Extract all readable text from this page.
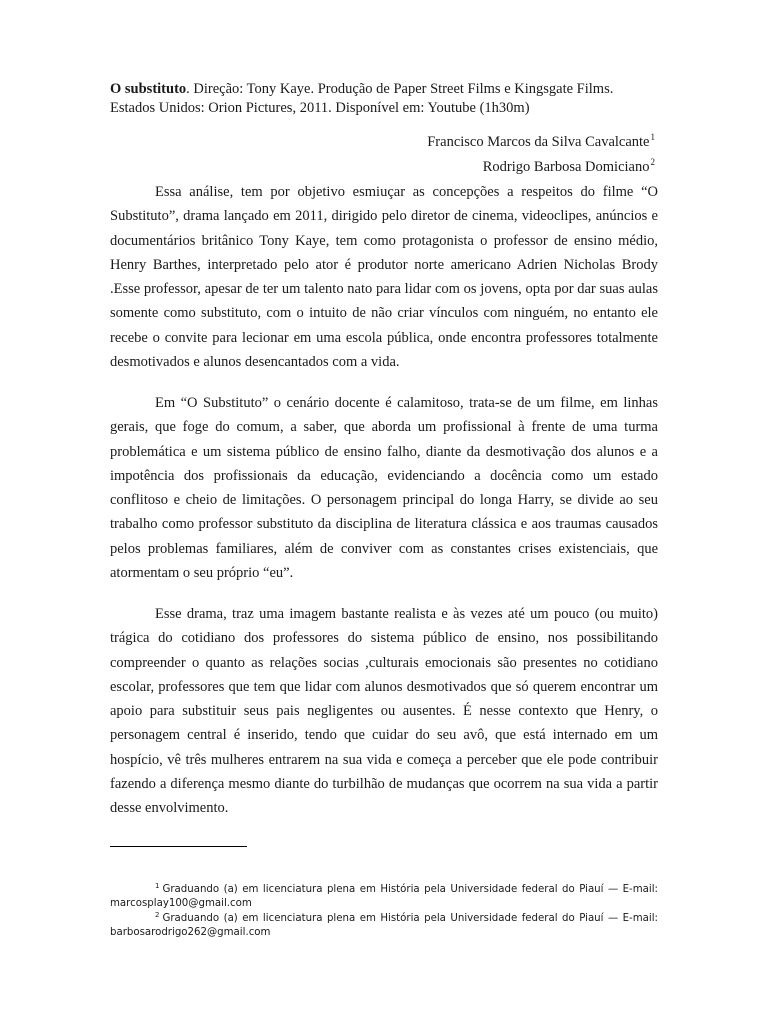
O substituto. Direção: Tony Kaye. Produção de Paper Street Films e Kingsgate Films. Estados Unidos: Orion Pictures, 2011. Disponível em: Youtube (1h30m)

Francisco Marcos da Silva Cavalcante$^1$

Rodrigo Barbosa Domiciano$^2$

Essa análise, tem por objetivo esmiuçar as concepções a respeitos do filme “O Substituto”, drama lançado em 2011, dirigido pelo diretor de cinema, videoclipes, anúncios e documentários britânico Tony Kaye, tem como protagonista o professor de ensino médio, Henry Barthes, interpretado pelo ator é produtor norte americano Adrien Nicholas Brody .Esse professor, apesar de ter um talento nato para lidar com os jovens, opta por dar suas aulas somente como substituto, com o intuito de não criar vínculos com ninguém, no entanto ele recebe o convite para lecionar em uma escola pública, onde encontra professores totalmente desmotivados e alunos desencantados com a vida.

Em “O Substituto” o cenário docente é calamitoso, trata-se de um filme, em linhas gerais, que foge do comum, a saber, que aborda um profissional à frente de uma turma problemática e um sistema público de ensino falho, diante da desmotivação dos alunos e a impotência dos profissionais da educação, evidenciando a docência como um estado conflitoso e cheio de limitações. O personagem principal do longa Harry, se divide ao seu trabalho como professor substituto da disciplina de literatura clássica e aos traumas causados pelos problemas familiares, além de conviver com as constantes crises existenciais, que atormentam o seu próprio “eu”.

Esse drama, traz uma imagem bastante realista e às vezes até um pouco (ou muito) trágica do cotidiano dos professores do sistema público de ensino, nos possibilitando compreender o quanto as relações socias ,culturais emocionais são presentes no cotidiano escolar, professores que tem que lidar com alunos desmotivados que só querem encontrar um apoio para substituir seus pais negligentes ou ausentes. É nesse contexto que Henry, o personagem central é inserido, tendo que cuidar do seu avô, que está internado em um hospício, vê três mulheres entrarem na sua vida e começa a perceber que ele pode contribuir fazendo a diferença mesmo diante do turbilhão de mudanças que ocorrem na sua vida a partir desse envolvimento.

$^1$ Graduando (a) em licenciatura plena em História pela Universidade federal do Piauí — E-mail: marcosplay100@gmail.com

$^2$ Graduando (a) em licenciatura plena em História pela Universidade federal do Piauí — E-mail: barbosarodrigo262@gmail.com
